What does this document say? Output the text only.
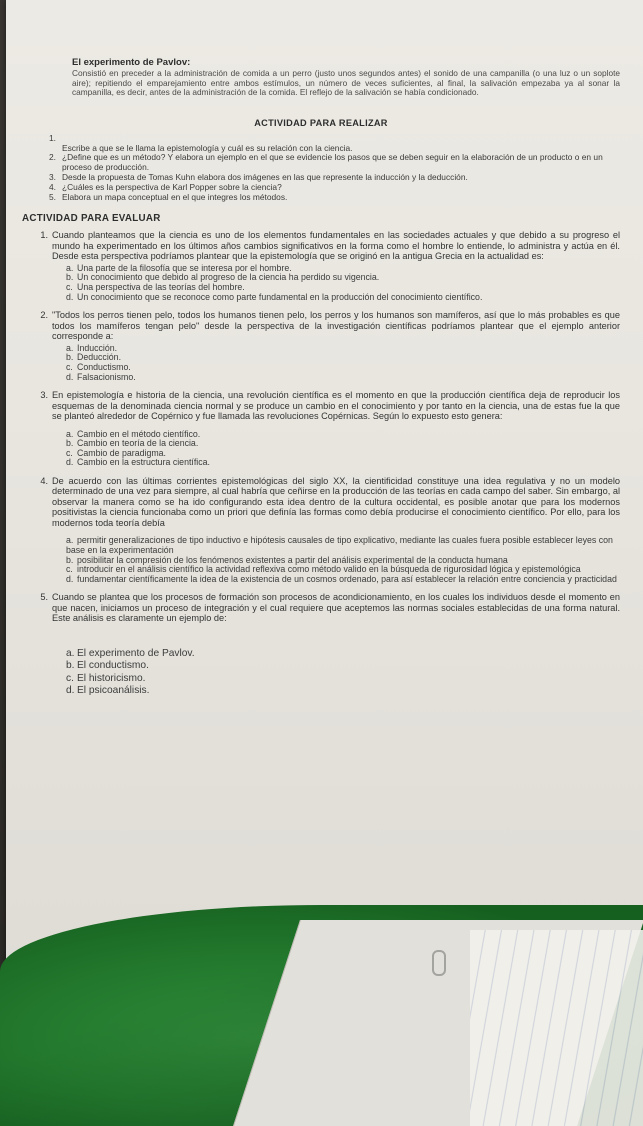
El experimento de Pavlov:
Consistió en preceder a la administración de comida a un perro (justo unos segundos antes) el sonido de una campanilla (o una luz o un soplote aire); repitiendo el emparejamiento entre ambos estímulos, un número de veces suficientes, al final, la salivación empezaba ya al sonar la campanilla, es decir, antes de la administración de la comida. El reflejo de la salivación se había condicionado.
ACTIVIDAD PARA REALIZAR
1.
Escribe a que se le llama la epistemología y cuál es su relación con la ciencia.
2. ¿Define que es un método? Y elabora un ejemplo en el que se evidencie los pasos que se deben seguir en la elaboración de un producto o en un proceso de producción.
3. Desde la propuesta de Tomas Kuhn elabora dos imágenes en las que represente la inducción y la deducción.
4. ¿Cuáles es la perspectiva de Karl Popper sobre la ciencia?
5. Elabora un mapa conceptual en el que integres los métodos.
ACTIVIDAD PARA EVALUAR
1. Cuando planteamos que la ciencia es uno de los elementos fundamentales en las sociedades actuales y que debido a su progreso el mundo ha experimentado en los últimos años cambios significativos en la forma como el hombre lo entiende, lo administra y actúa en él. Desde esta perspectiva podríamos plantear que la epistemología que se originó en la antigua Grecia en la actualidad es:
a. Una parte de la filosofía que se interesa por el hombre.
b. Un conocimiento que debido al progreso de la ciencia ha perdido su vigencia.
c. Una perspectiva de las teorías del hombre.
d. Un conocimiento que se reconoce como parte fundamental en la producción del conocimiento científico.
2. "Todos los perros tienen pelo, todos los humanos tienen pelo, los perros y los humanos son mamíferos, así que lo más probables es que todos los mamíferos tengan pelo" desde la perspectiva de la investigación científicas podríamos plantear que el ejemplo anterior corresponde a:
a. Inducción.
b. Deducción.
c. Conductismo.
d. Falsacionismo.
3. En epistemología e historia de la ciencia, una revolución científica es el momento en que la producción científica deja de reproducir los esquemas de la denominada ciencia normal y se produce un cambio en el conocimiento y por tanto en la ciencia, una de estas fue la que se planteó alrededor de Copérnico y fue llamada las revoluciones Copérnicas. Según lo expuesto esto genera:
a. Cambio en el método científico.
b. Cambio en teoría de la ciencia.
c. Cambio de paradigma.
d. Cambio en la estructura científica.
4. De acuerdo con las últimas corrientes epistemológicas del siglo XX, la cientificidad constituye una idea regulativa y no un modelo determinado de una vez para siempre, al cual habría que ceñirse en la producción de las teorías en cada campo del saber. Sin embargo, al observar la manera como se ha ido configurando esta idea dentro de la cultura occidental, es posible anotar que para los modernos positivistas la ciencia funcionaba como un priori que definía las formas como debía producirse el conocimiento científico. Por ello, para los modernos toda teoría debía
a. permitir generalizaciones de tipo inductivo e hipótesis causales de tipo explicativo, mediante las cuales fuera posible establecer leyes con base en la experimentación
b. posibilitar la compresión de los fenómenos existentes a partir del análisis experimental de la conducta humana
c. introducir en el análisis científico la actividad reflexiva como método valido en la búsqueda de rigurosidad lógica y epistemológica
d. fundamentar científicamente la idea de la existencia de un cosmos ordenado, para así establecer la relación entre conciencia y practicidad
5. Cuando se plantea que los procesos de formación son procesos de acondicionamiento, en los cuales los individuos desde el momento en que nacen, iniciamos un proceso de integración y el cual requiere que aceptemos las normas sociales establecidas de una forma natural. Este análisis es claramente un ejemplo de:
a. El experimento de Pavlov.
b. El conductismo.
c. El historicismo.
d. El psicoanálisis.
